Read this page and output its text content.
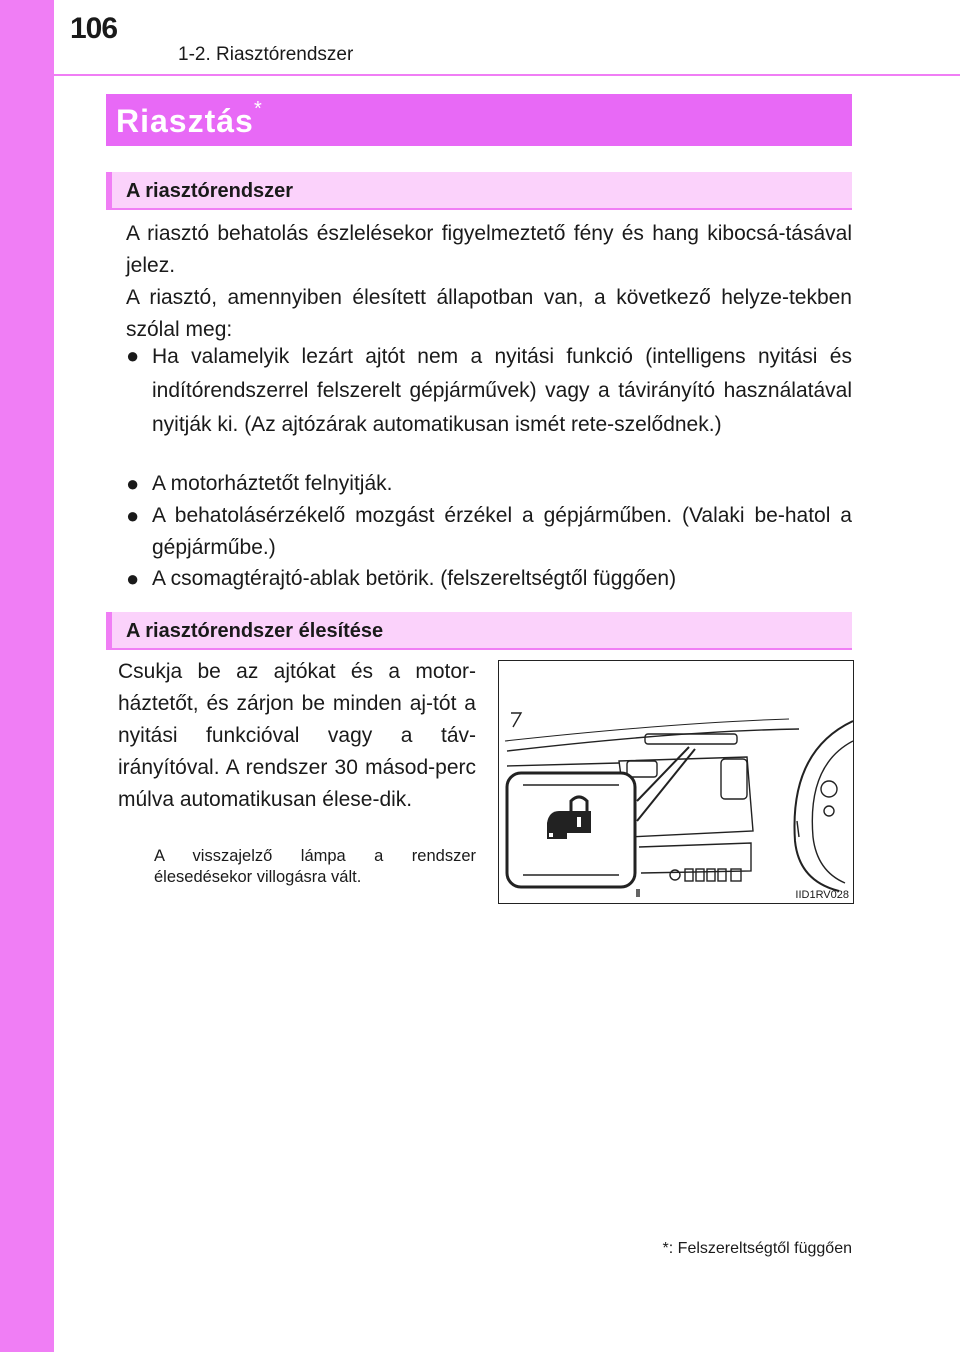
106
1-2. Riasztórendszer
Riasztás *
A riasztórendszer
A riasztó behatolás észlelésekor figyelmeztető fény és hang kibocsá-tásával jelez.
A riasztó, amennyiben élesített állapotban van, a következő helyze-tekben szólal meg:
● Ha valamelyik lezárt ajtót nem a nyitási funkció (intelligens nyitási és indítórendszerrel felszerelt gépjárművek) vagy a távirányító használatával nyitják ki. (Az ajtózárak automatikusan ismét rete-szelődnek.)
● A motorháztetőt felnyitják.
● A behatolásérzékelő mozgást érzékel a gépjárműben. (Valaki be-hatol a gépjárműbe.)
● A csomagtérajtó-ablak betörik. (felszereltségtől függően)
A riasztórendszer élesítése
Csukja be az ajtókat és a motor-háztetőt, és zárjon be minden aj-tót a nyitási funkcióval vagy a táv-irányítóval. A rendszer 30 másod-perc múlva automatikusan élese-dik.
A visszajelző lámpa a rendszer élesedésekor villogásra vált.
IID1RV028
*: Felszereltségtől függően
